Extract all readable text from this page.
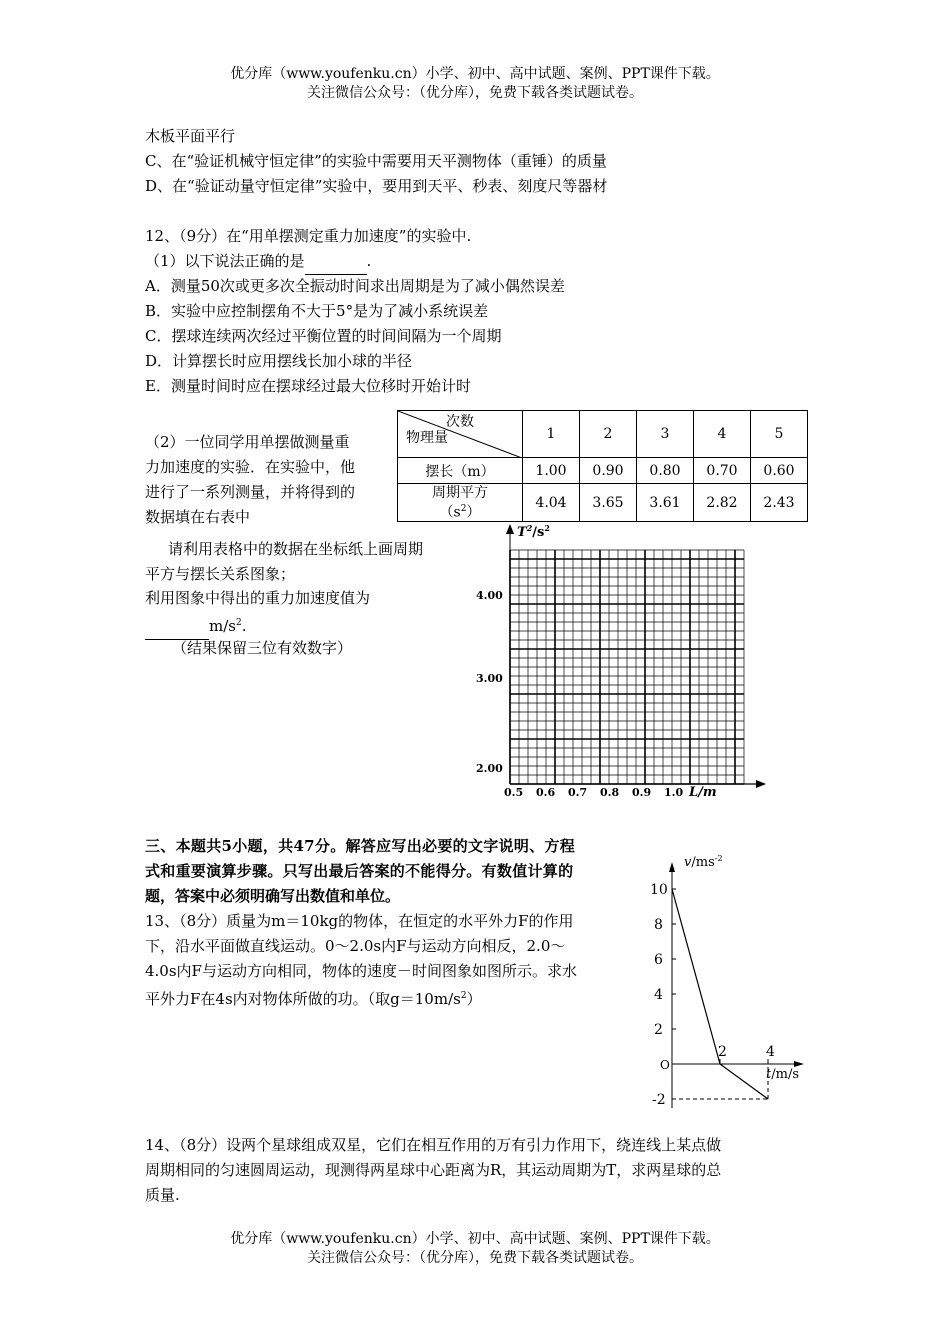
优分库（www.youfenku.cn）小学、初中、高中试题、案例、PPT课件下载。
关注微信公众号：（优分库），免费下载各类试题试卷。
木板平面平行
C、在“验证机械守恒定律”的实验中需要用天平测物体（重锤）的质量
D、在“验证动量守恒定律”实验中，要用到天平、秒表、刻度尺等器材
12、（9分）在“用单摆测定重力加速度”的实验中.
（1）以下说法正确的是	.
A．测量50次或更多次全振动时间求出周期是为了减小偶然误差
B．实验中应控制摆角不大于5°是为了减小系统误差
C．摆球连续两次经过平衡位置的时间间隔为一个周期
D．计算摆长时应用摆线长加小球的半径
E．测量时间时应在摆球经过最大位移时开始计时
（2）一位同学用单摆做测量重
力加速度的实验．在实验中，他
进行了一系列测量，并将得到的
数据填在右表中
次数
物理量	1	2	3	4	5
摆长（m）	1.00	0.90	0.80	0.70	0.60

周期平方
$(s^2)$	4.04	3.65	3.61	2.82	2.43
请利用表格中的数据在坐标纸上画周期
平方与摆长关系图象；
利用图象中得出的重力加速度值为
$m/s^2$.
（结果保留三位有效数字）
$T^2/s^2$
4.00
3.00
2.00
0.5 0.6 0.7 0.8 0.9 1.0 L/m
三、本题共5小题，共47分。解答应写出必要的文字说明、方程
式和重要演算步骤。只写出最后答案的不能得分。有数值计算的
题，答案中必须明确写出数值和单位。
13、（8分）质量为m＝10kg的物体，在恒定的水平外力F的作用
下，沿水平面做直线运动。0～2.0s内F与运动方向相反，2.0～
4.0s内F与运动方向相同，物体的速度－时间图象如图所示。求水
平外力F在4s内对物体所做的功。（取$g=10m/s^2$）
$v/ms^{-2}$
t/m/s
O
10
8
6
4
2
-2
2	4
14、（8分）设两个星球组成双星，它们在相互作用的万有引力作用下，绕连线上某点做
周期相同的匀速圆周运动，现测得两星球中心距离为R，其运动周期为T，求两星球的总
质量.
优分库（www.youfenku.cn）小学、初中、高中试题、案例、PPT课件下载。
关注微信公众号：（优分库），免费下载各类试题试卷。
